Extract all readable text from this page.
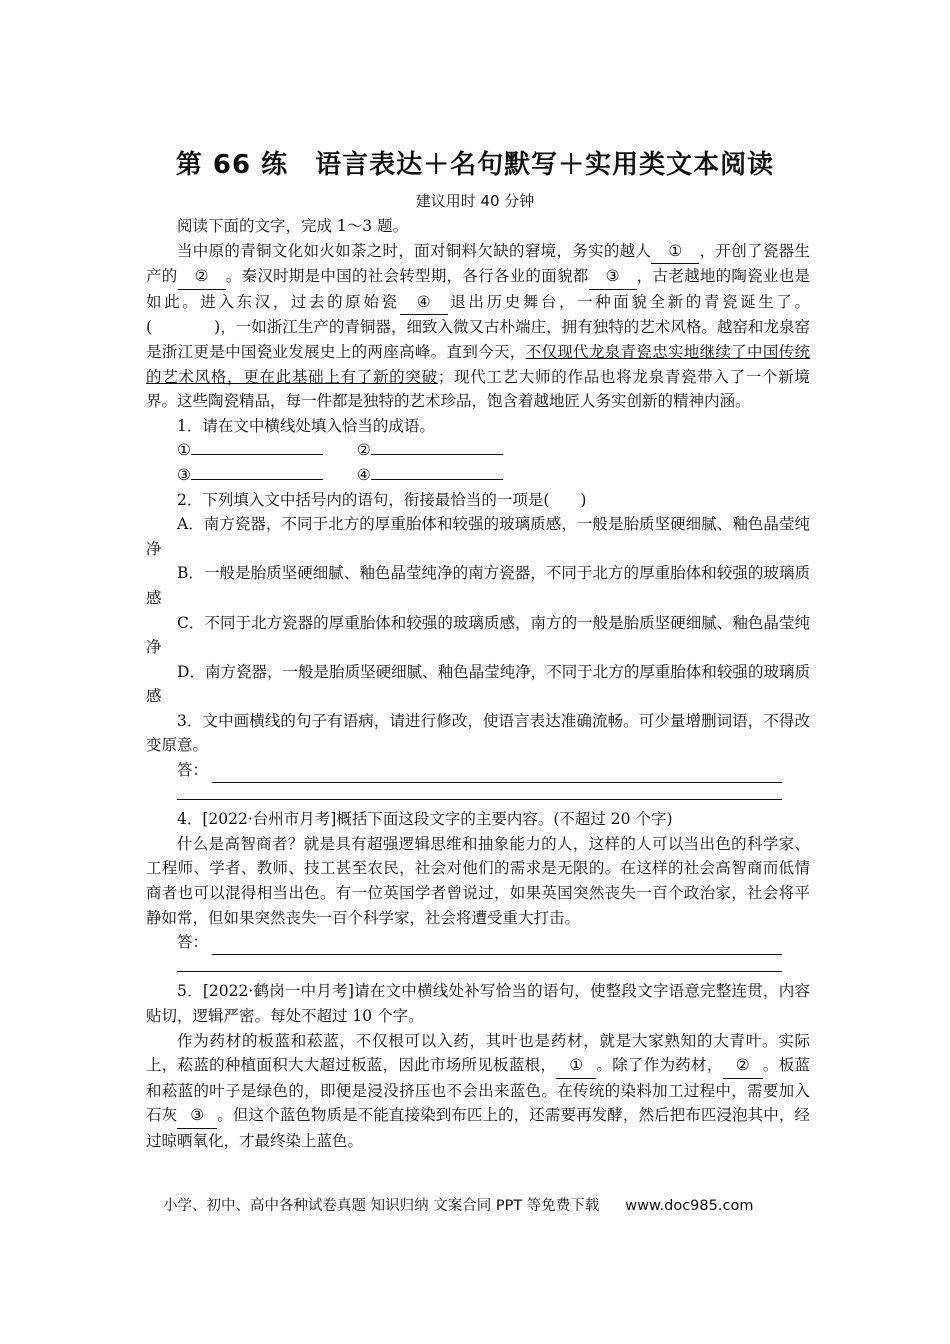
第 66 练　语言表达＋名句默写＋实用类文本阅读
建议用时 40 分钟

阅读下面的文字，完成 1～3 题。

当中原的青铜文化如火如荼之时，面对铜料欠缺的窘境，务实的越人 ① ，开创了瓷器生产的 ② 。秦汉时期是中国的社会转型期，各行各业的面貌都 ③ ，古老越地的陶瓷业也是如此。进入东汉，过去的原始瓷 ④ 退出历史舞台，一种面貌全新的青瓷诞生了。(　　　　)，一如浙江生产的青铜器，细致入微又古朴端庄，拥有独特的艺术风格。越窑和龙泉窑是浙江更是中国瓷业发展史上的两座高峰。直到今天，不仅现代龙泉青瓷忠实地继续了中国传统的艺术风格，更在此基础上有了新的突破；现代工艺大师的作品也将龙泉青瓷带入了一个新境界。这些陶瓷精品，每一件都是独特的艺术珍品，饱含着越地匠人务实创新的精神内涵。

1．请在文中横线处填入恰当的成语。

①	②
③	④

2．下列填入文中括号内的语句，衔接最恰当的一项是(　　)

A．南方瓷器，不同于北方的厚重胎体和较强的玻璃质感，一般是胎质坚硬细腻、釉色晶莹纯净

B．一般是胎质坚硬细腻、釉色晶莹纯净的南方瓷器，不同于北方的厚重胎体和较强的玻璃质感

C．不同于北方瓷器的厚重胎体和较强的玻璃质感，南方的一般是胎质坚硬细腻、釉色晶莹纯净

D．南方瓷器，一般是胎质坚硬细腻、釉色晶莹纯净，不同于北方的厚重胎体和较强的玻璃质感

3．文中画横线的句子有语病，请进行修改，使语言表达准确流畅。可少量增删词语，不得改变原意。

答：

4．[2022·台州市月考]概括下面这段文字的主要内容。(不超过 20 个字)

什么是高智商者？就是具有超强逻辑思维和抽象能力的人，这样的人可以当出色的科学家、工程师、学者、教师、技工甚至农民，社会对他们的需求是无限的。在这样的社会高智商而低情商者也可以混得相当出色。有一位英国学者曾说过，如果英国突然丧失一百个政治家，社会将平静如常，但如果突然丧失一百个科学家，社会将遭受重大打击。

答：

5．[2022·鹤岗一中月考]请在文中横线处补写恰当的语句，使整段文字语意完整连贯，内容贴切，逻辑严密。每处不超过 10 个字。

作为药材的板蓝和菘蓝，不仅根可以入药，其叶也是药材，就是大家熟知的大青叶。实际上，菘蓝的种植面积大大超过板蓝，因此市场所见板蓝根， ① 。除了作为药材， ② 。板蓝和菘蓝的叶子是绿色的，即便是浸没挤压也不会出来蓝色。在传统的染料加工过程中，需要加入石灰 ③ 。但这个蓝色物质是不能直接染到布匹上的，还需要再发酵，然后把布匹浸泡其中，经过晾晒氧化，才最终染上蓝色。

小学、初中、高中各种试卷真题 知识归纳 文案合同 PPT 等免费下载 www.doc985.com
